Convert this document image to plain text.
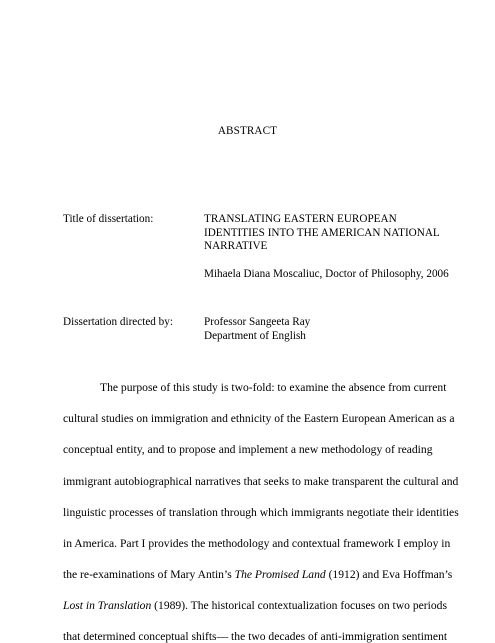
ABSTRACT
Title of dissertation:	TRANSLATING EASTERN EUROPEAN
IDENTITIES INTO THE AMERICAN NATIONAL
NARRATIVE
Mihaela Diana Moscaliuc, Doctor of Philosophy, 2006
Dissertation directed by:	Professor Sangeeta Ray
Department of English
The purpose of this study is two-fold: to examine the absence from current
cultural studies on immigration and ethnicity of the Eastern European American as a
conceptual entity, and to propose and implement a new methodology of reading
immigrant autobiographical narratives that seeks to make transparent the cultural and
linguistic processes of translation through which immigrants negotiate their identities
in America. Part I provides the methodology and contextual framework I employ in
the re-examinations of Mary Antin’s The Promised Land (1912) and Eva Hoffman’s
Lost in Translation (1989). The historical contextualization focuses on two periods
that determined conceptual shifts— the two decades of anti-immigration sentiment
